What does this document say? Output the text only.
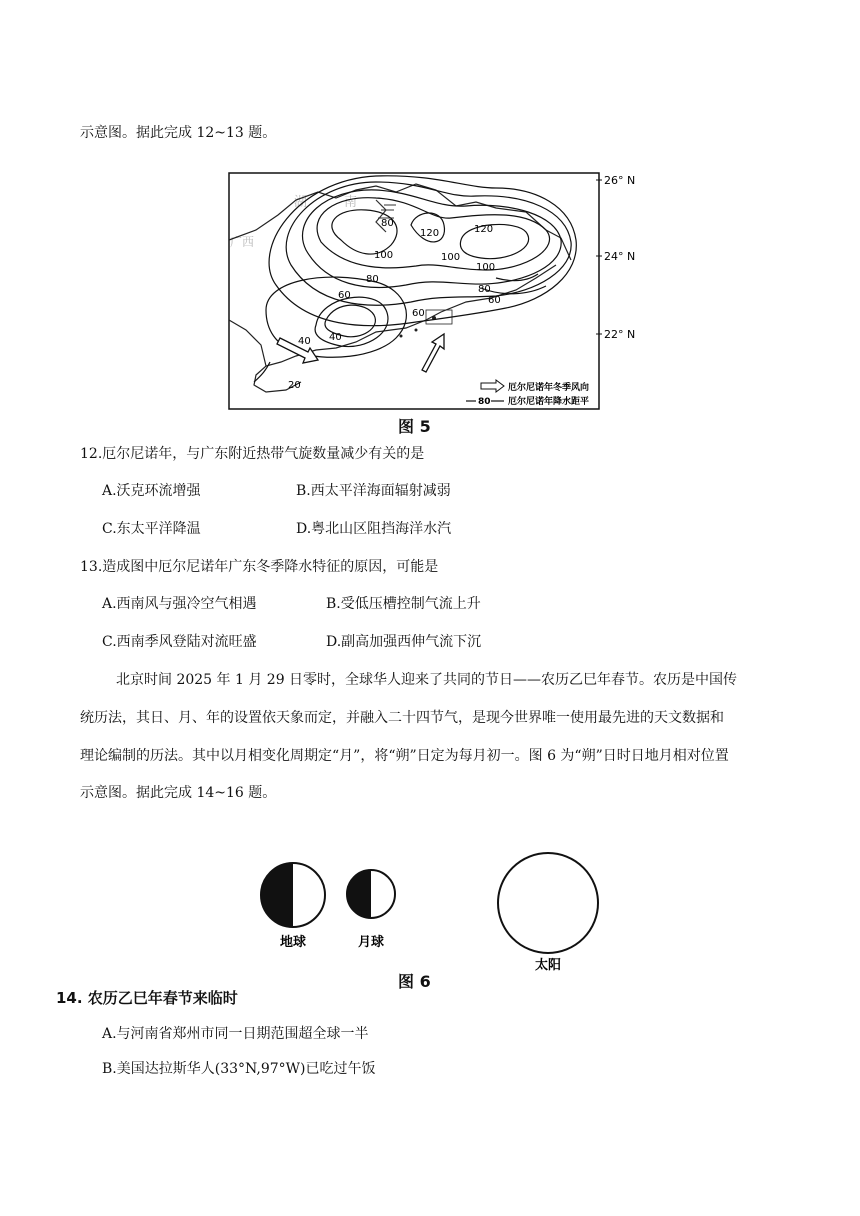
示意图。据此完成 12~13 题。
湖	南
广西
100
120	120
100
80
80
60
60
40
40
20
60
80
100
26° N
24° N
22° N
厄尔尼诺年冬季风向
80 厄尔尼诺年降水距平
图 5
12.厄尔尼诺年，与广东附近热带气旋数量减少有关的是
A.沃克环流增强	B.西太平洋海面辐射减弱
C.东太平洋降温	D.粤北山区阻挡海洋水汽
13.造成图中厄尔尼诺年广东冬季降水特征的原因，可能是
A.西南风与强冷空气相遇	B.受低压槽控制气流上升
C.西南季风登陆对流旺盛	D.副高加强西伸气流下沉
北京时间 2025 年 1 月 29 日零时，全球华人迎来了共同的节日——农历乙巳年春节。农历是中国传
统历法，其日、月、年的设置依天象而定，并融入二十四节气，是现今世界唯一使用最先进的天文数据和
理论编制的历法。其中以月相变化周期定“月”，将“朔”日定为每月初一。图 6 为“朔”日时日地月相对位置
示意图。据此完成 14~16 题。
地球	月球
太阳
图 6
14. 农历乙巳年春节来临时
A.与河南省郑州市同一日期范围超全球一半
B.美国达拉斯华人(33°N,97°W)已吃过午饭
